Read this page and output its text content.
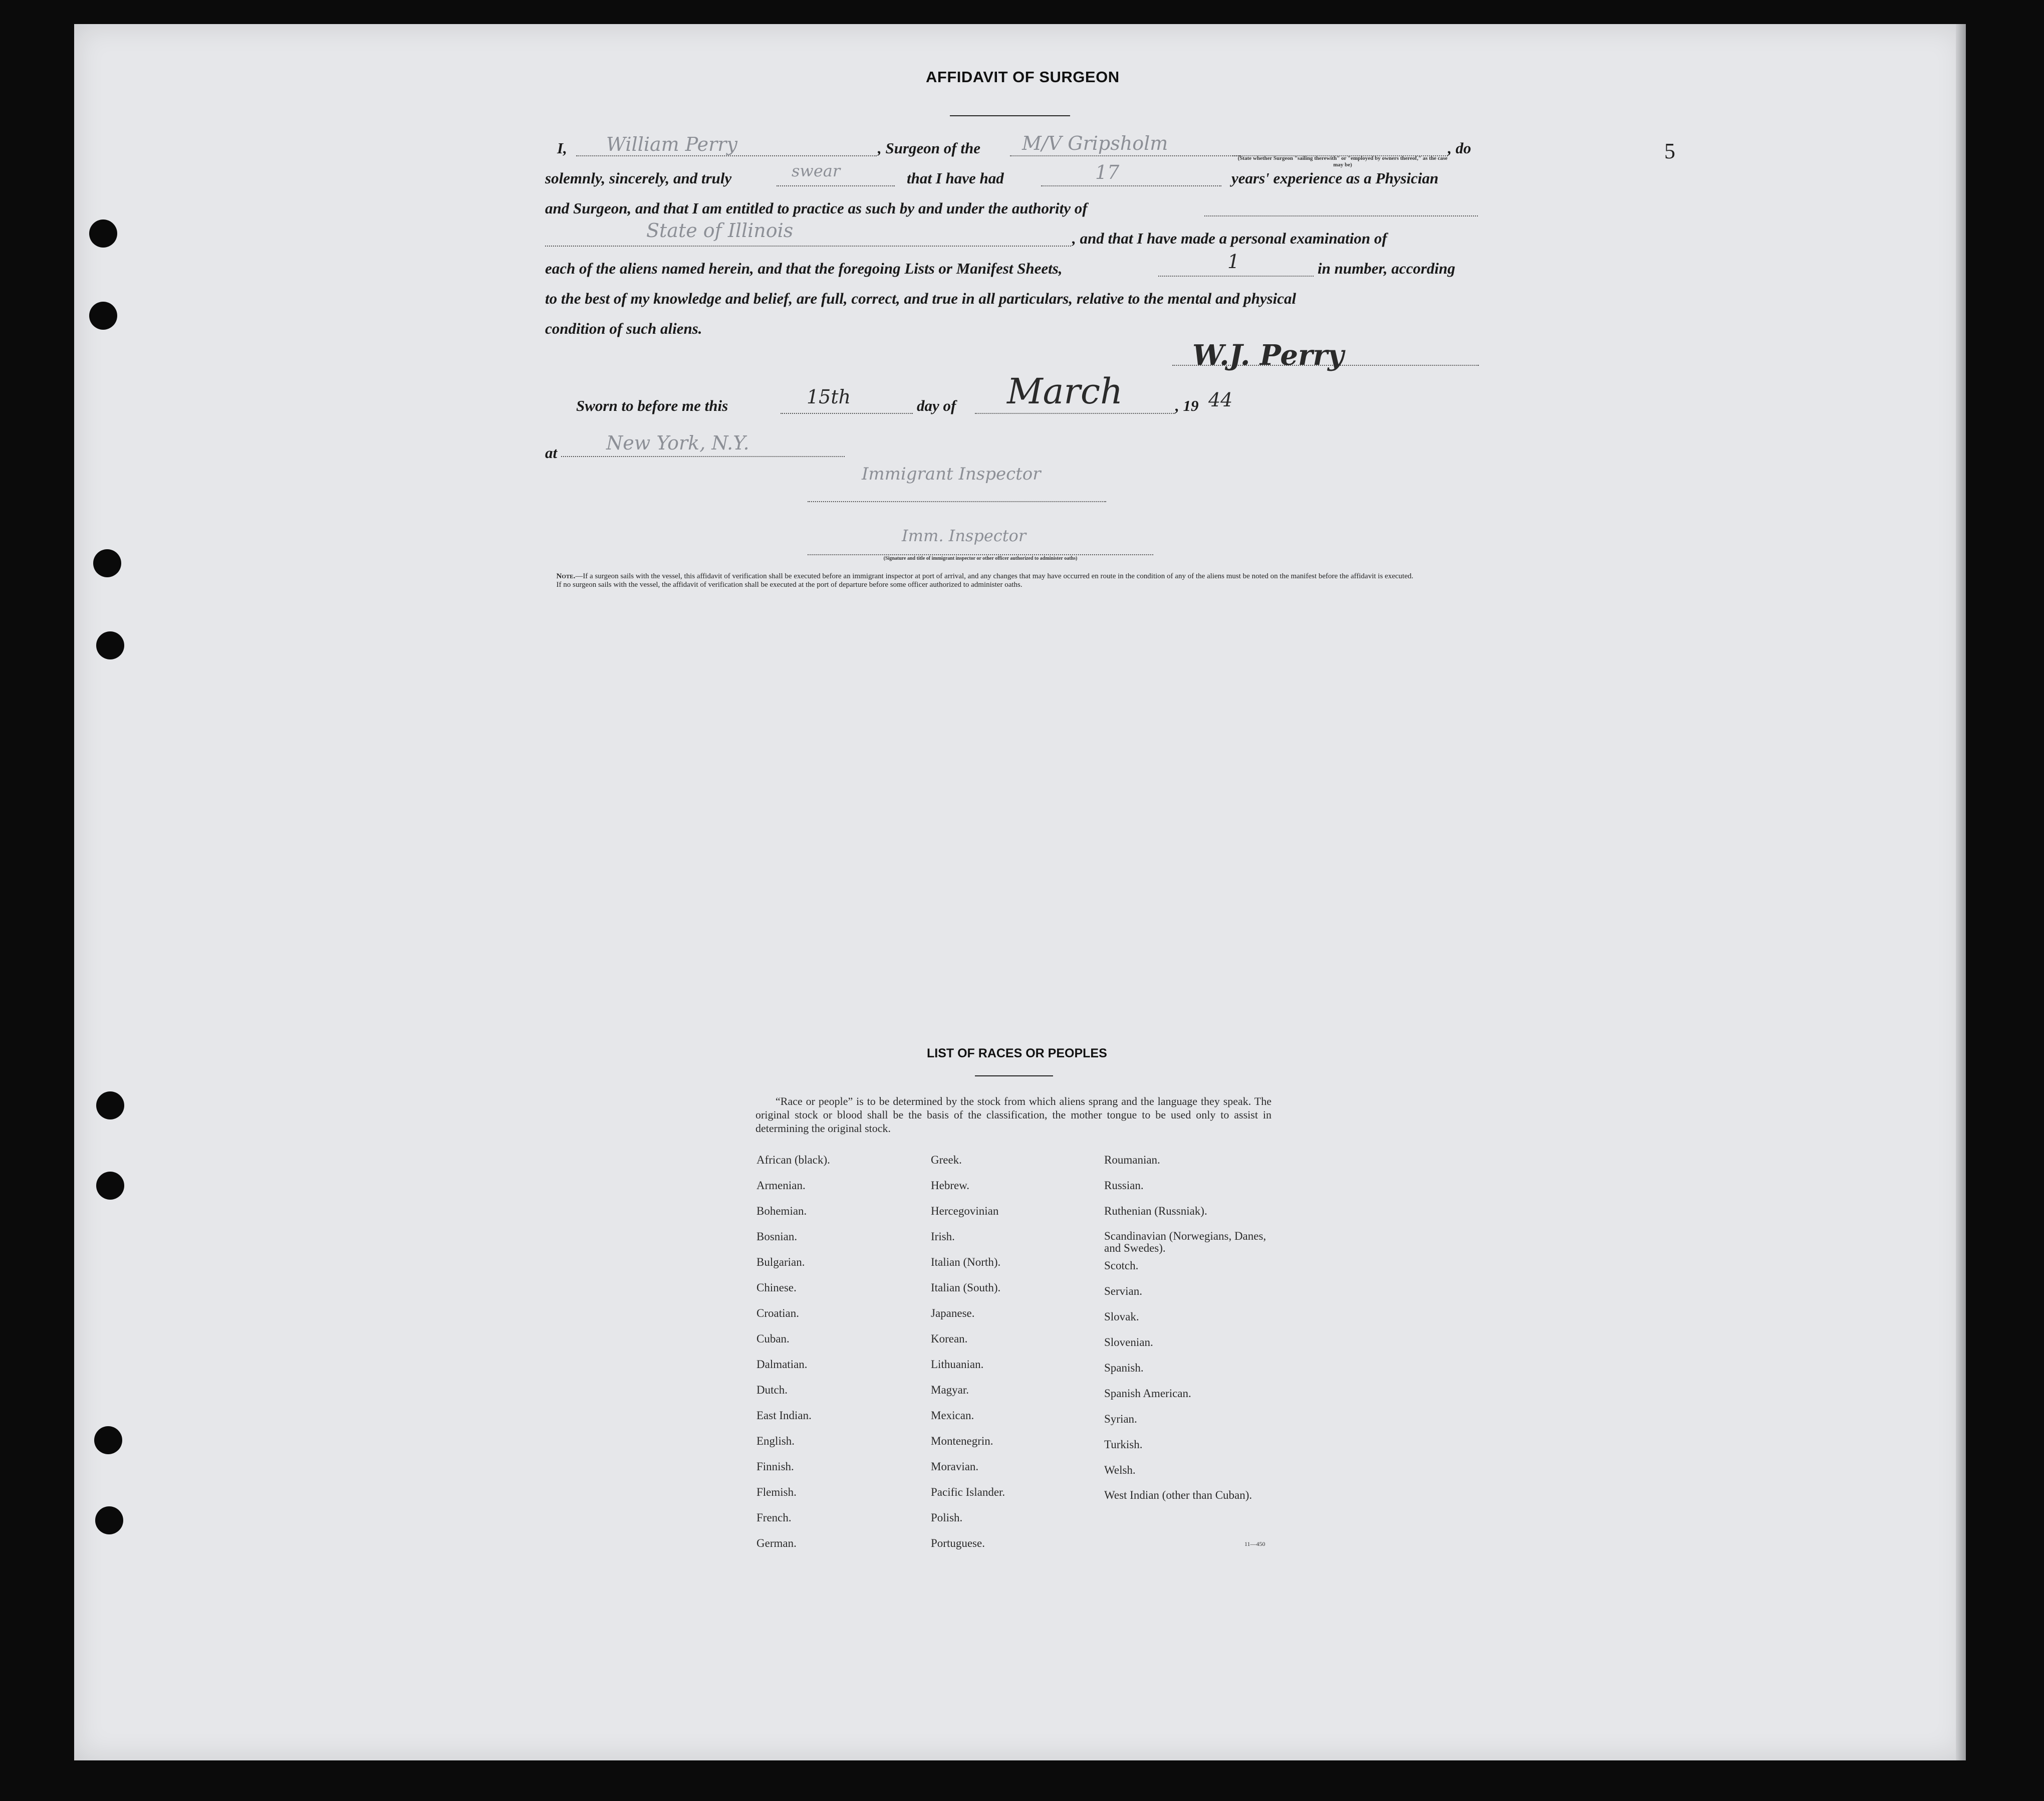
5
AFFIDAVIT OF SURGEON
I, William Perry	, Surgeon of the M/V Gripsholm	, do
(State whether Surgeon "sailing therewith" or "employed by owners thereof," as the case may be)
solemnly, sincerely, and truly	swear	that I have had	17	years' experience as a Physician
and Surgeon, and that I am entitled to practice as such by and under the authority of
State of Illinois	, and that I have made a personal examination of
each of the aliens named herein, and that the foregoing Lists or Manifest Sheets,	1	in number, according
to the best of my knowledge and belief, are full, correct, and true in all particulars, relative to the mental and physical
condition of such aliens.
W.J. Perry
Sworn to before me this	15th	day of March	, 19 44
at	New York, N.Y.
Immigrant Inspector
Imm. Inspector
(Signature and title of immigrant inspector or other officer authorized to administer oaths)
Note.—If a surgeon sails with the vessel, this affidavit of verification shall be executed before an immigrant inspector at port of arrival, and any changes that may have occurred en route in the condition of any of the aliens must be noted on the manifest before the affidavit is executed.
If no surgeon sails with the vessel, the affidavit of verification shall be executed at the port of departure before some officer authorized to administer oaths.
LIST OF RACES OR PEOPLES
“Race or people” is to be determined by the stock from which aliens sprang and the language they speak. The original stock or blood shall be the basis of the classification, the mother tongue to be used only to assist in determining the original stock.
African (black).
Armenian.
Bohemian.
Bosnian.
Bulgarian.
Chinese.
Croatian.
Cuban.
Dalmatian.
Dutch.
East Indian.
English.
Finnish.
Flemish.
French.
German.
Greek.
Hebrew.
Hercegovinian
Irish.
Italian (North).
Italian (South).
Japanese.
Korean.
Lithuanian.
Magyar.
Mexican.
Montenegrin.
Moravian.
Pacific Islander.
Polish.
Portuguese.
Roumanian.
Russian.
Ruthenian (Russniak).
Scandinavian (Norwegians, Danes, and Swedes).
Scotch.
Servian.
Slovak.
Slovenian.
Spanish.
Spanish American.
Syrian.
Turkish.
Welsh.
West Indian (other than Cuban).
11—450
